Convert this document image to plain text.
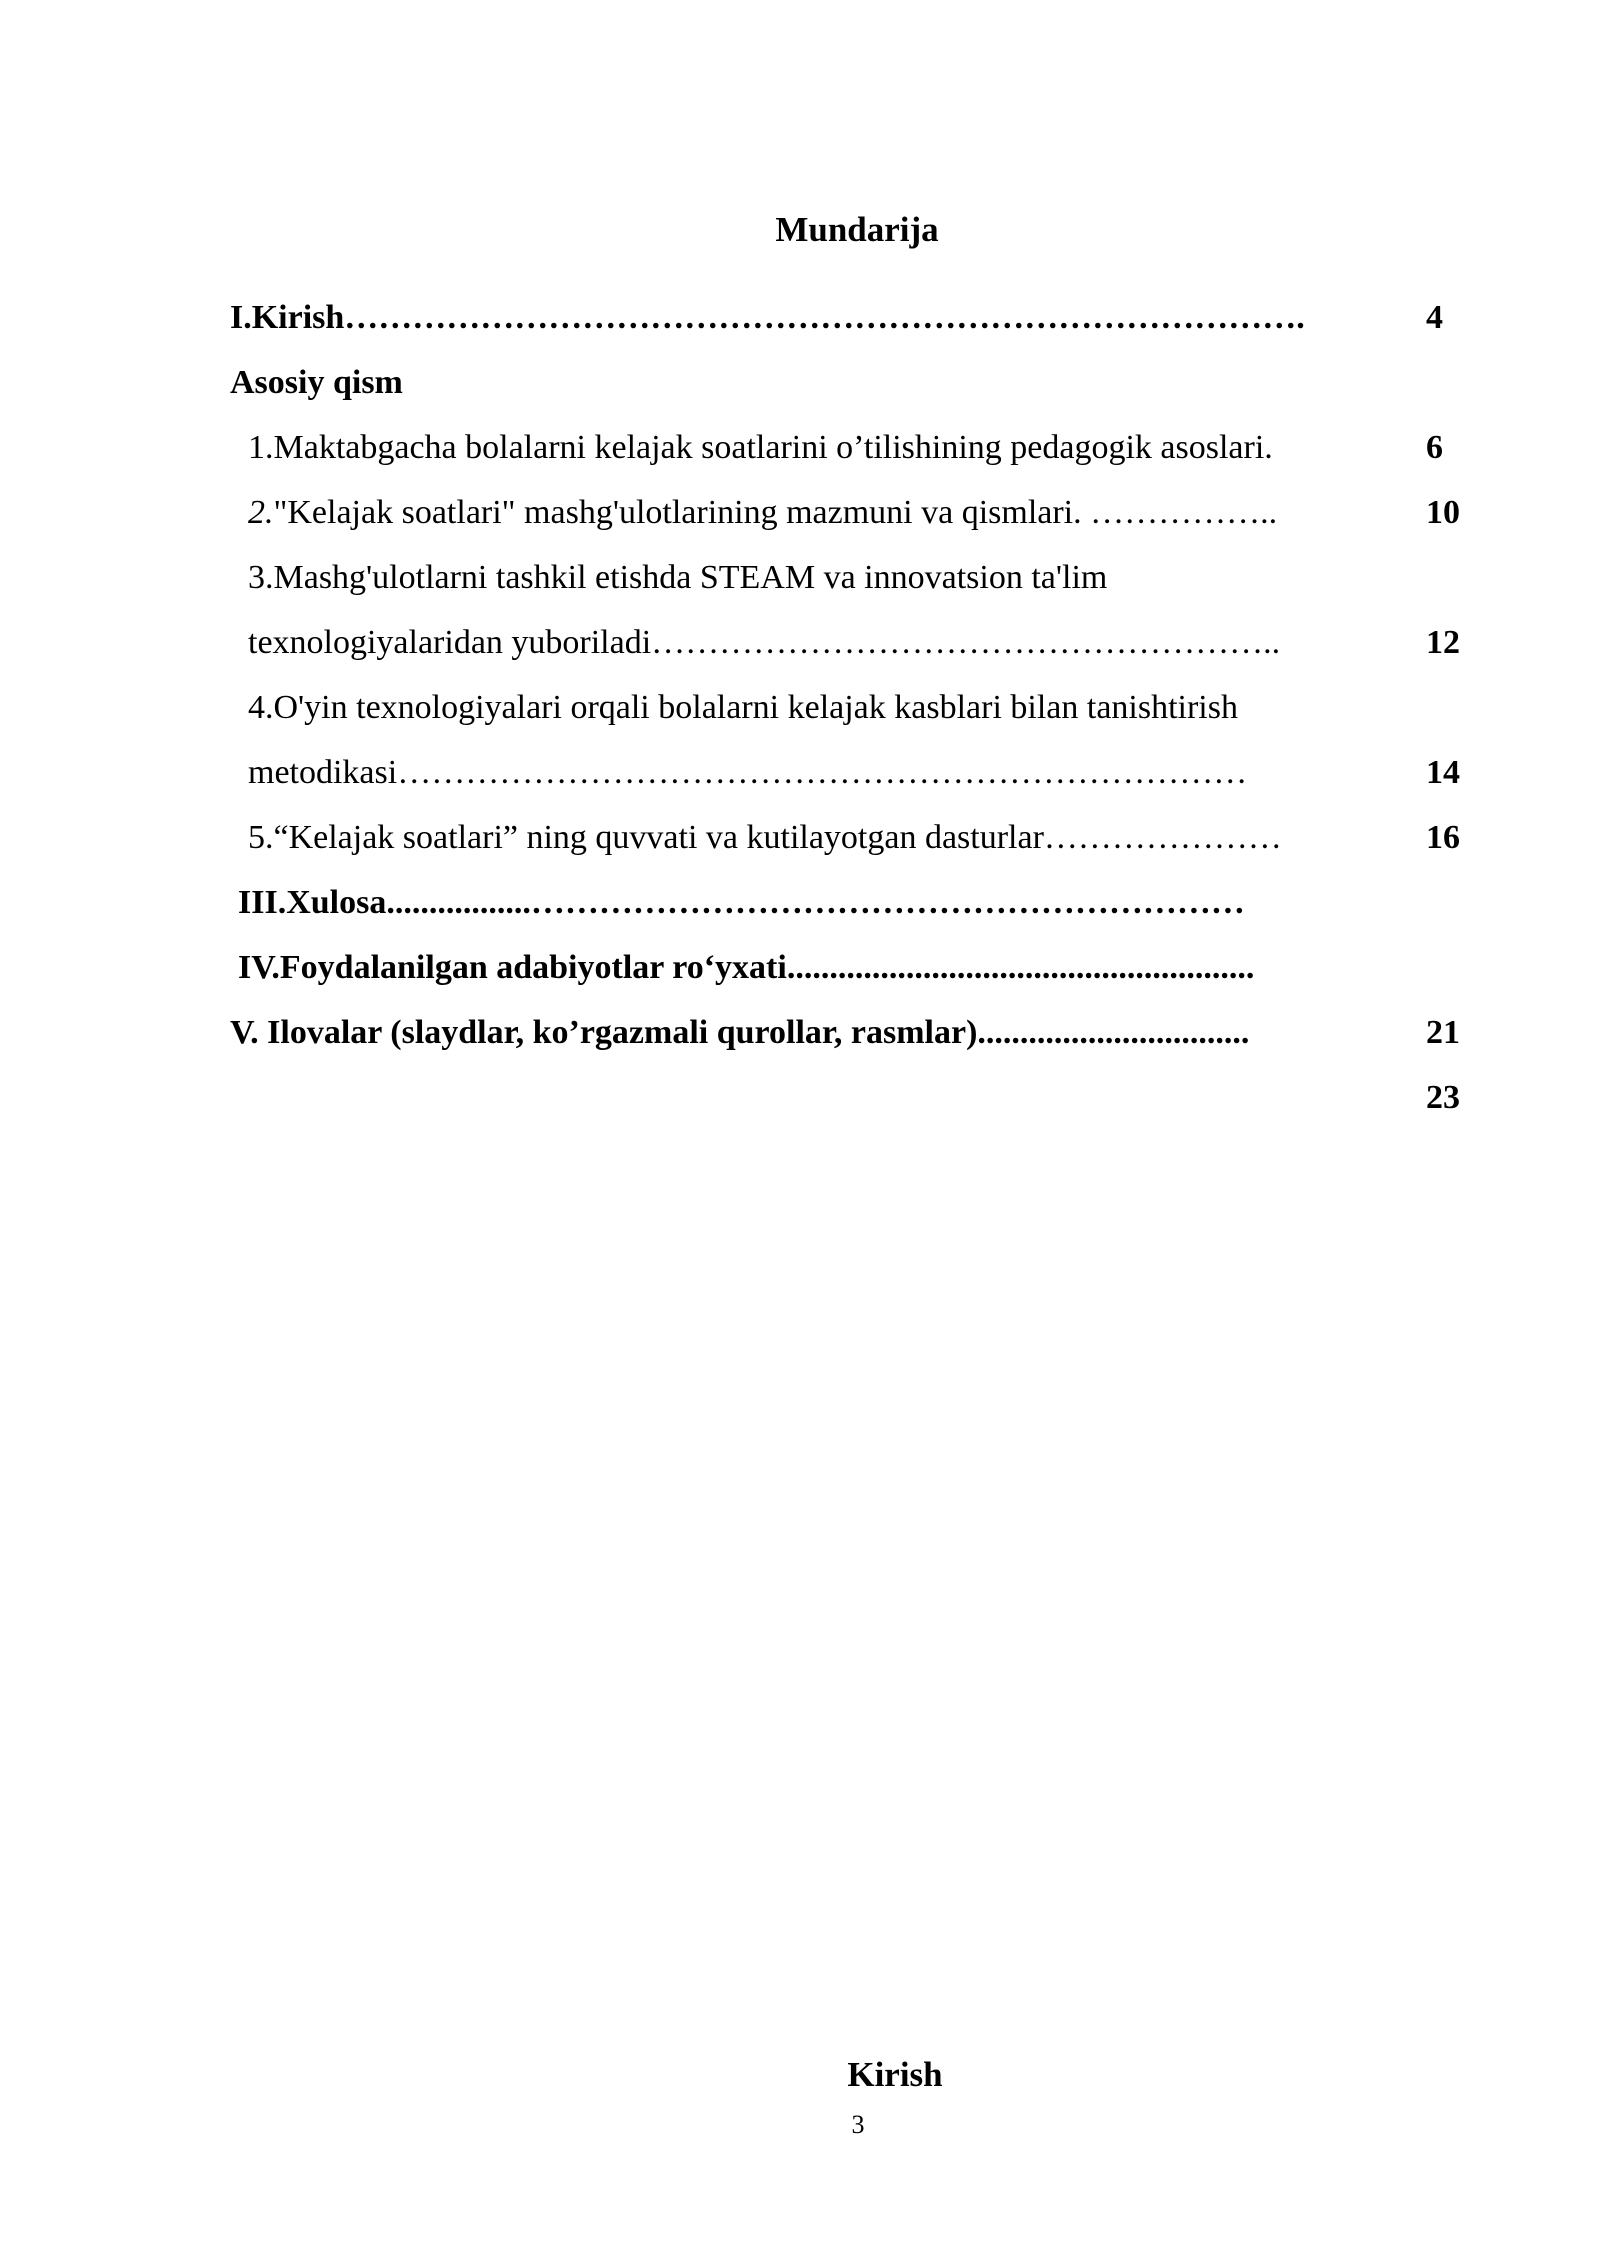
Mundarija
I.Kirish………………………………………………………………………….	4
Asosiy qism
1.Maktabgacha bolalarni kelajak soatlarini o’tilishining pedagogik asoslari.	6
2."Kelajak soatlari" mashg'ulotlarining mazmuni va qismlari. ……………..	10
3.Mashg'ulotlarni tashkil etishda STEAM va innovatsion ta'lim
texnologiyalaridan yuboriladi………………………………………………..	12
4.O'yin texnologiyalari orqali bolalarni kelajak kasblari bilan tanishtirish
metodikasi…………………………………………………………………	14
5.“Kelajak soatlari” ning quvvati va kutilayotgan dasturlar…………………	16
III.Xulosa.................………………………………………………………
IV.Foydalanilgan adabiyotlar ro‘yxati.......................................................
V. Ilovalar (slaydlar, ko’rgazmali qurollar, rasmlar)................................	21
23
Kirish
3
